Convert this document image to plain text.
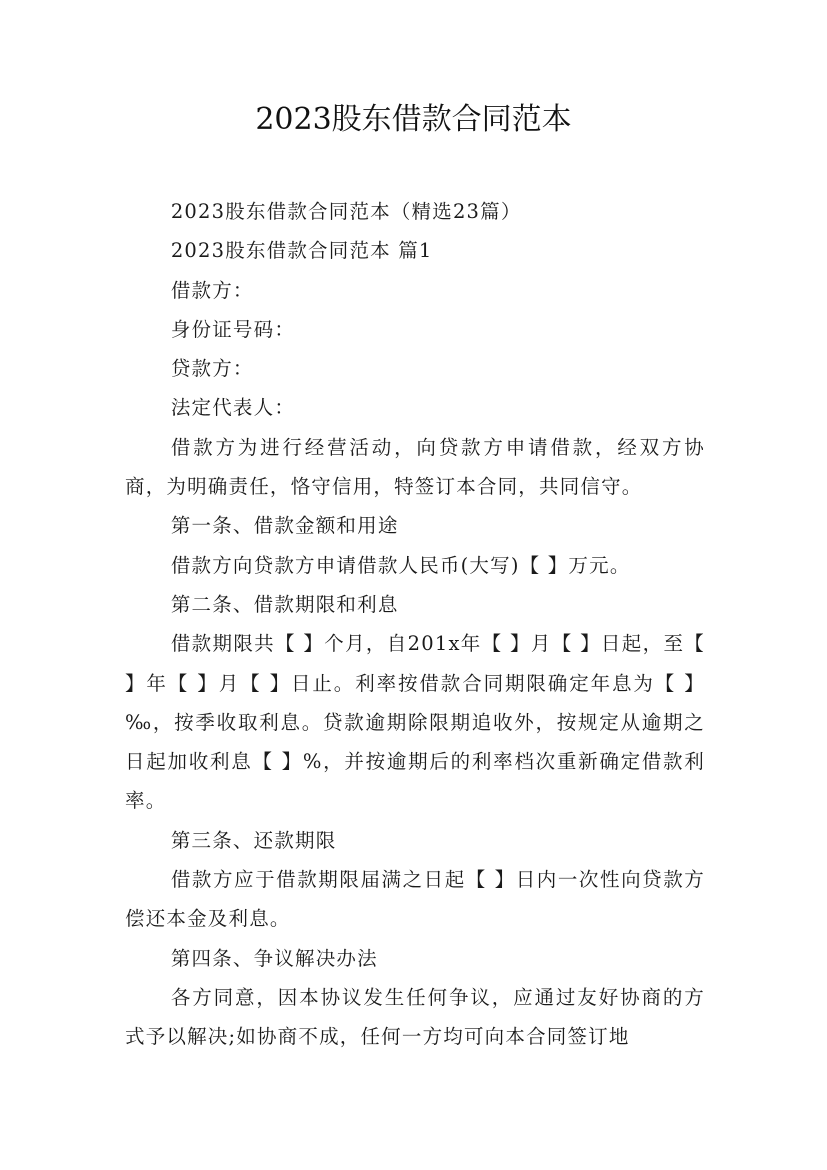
2023股东借款合同范本

2023股东借款合同范本（精选23篇）

2023股东借款合同范本 篇1

借款方：

身份证号码：

贷款方：

法定代表人：

借款方为进行经营活动，向贷款方申请借款，经双方协商，为明确责任，恪守信用，特签订本合同，共同信守。

第一条、借款金额和用途

借款方向贷款方申请借款人民币(大写)【 】万元。

第二条、借款期限和利息

借款期限共【 】个月，自201x年【 】月【 】日起，至【 】年【 】月【 】日止。利率按借款合同期限确定年息为【 】‰，按季收取利息。贷款逾期除限期追收外，按规定从逾期之日起加收利息【 】%，并按逾期后的利率档次重新确定借款利率。

第三条、还款期限

借款方应于借款期限届满之日起【 】日内一次性向贷款方偿还本金及利息。

第四条、争议解决办法

各方同意，因本协议发生任何争议，应通过友好协商的方式予以解决;如协商不成，任何一方均可向本合同签订地
